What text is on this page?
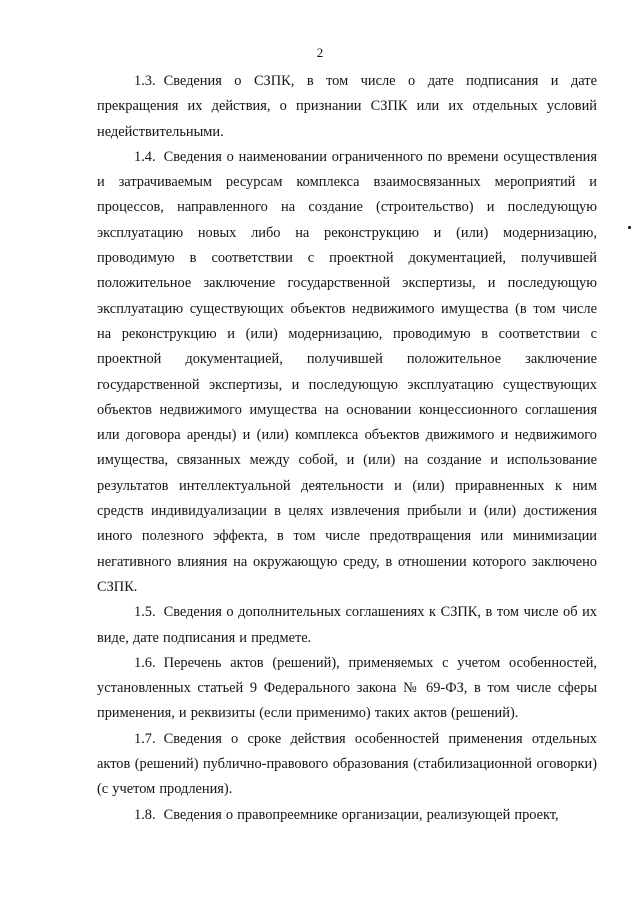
2

1.3. Сведения о СЗПК, в том числе о дате подписания и дате прекращения их действия, о признании СЗПК или их отдельных условий недействительными.

1.4. Сведения о наименовании ограниченного по времени осуществления и затрачиваемым ресурсам комплекса взаимосвязанных мероприятий и процессов, направленного на создание (строительство) и последующую эксплуатацию новых либо на реконструкцию и (или) модернизацию, проводимую в соответствии с проектной документацией, получившей положительное заключение государственной экспертизы, и последующую эксплуатацию существующих объектов недвижимого имущества (в том числе на реконструкцию и (или) модернизацию, проводимую в соответствии с проектной документацией, получившей положительное заключение государственной экспертизы, и последующую эксплуатацию существующих объектов недвижимого имущества на основании концессионного соглашения или договора аренды) и (или) комплекса объектов движимого и недвижимого имущества, связанных между собой, и (или) на создание и использование результатов интеллектуальной деятельности и (или) приравненных к ним средств индивидуализации в целях извлечения прибыли и (или) достижения иного полезного эффекта, в том числе предотвращения или минимизации негативного влияния на окружающую среду, в отношении которого заключено СЗПК.

1.5. Сведения о дополнительных соглашениях к СЗПК, в том числе об их виде, дате подписания и предмете.

1.6. Перечень актов (решений), применяемых с учетом особенностей, установленных статьей 9 Федерального закона № 69-ФЗ, в том числе сферы применения, и реквизиты (если применимо) таких актов (решений).

1.7. Сведения о сроке действия особенностей применения отдельных актов (решений) публично-правового образования (стабилизационной оговорки) (с учетом продления).

1.8. Сведения о правопреемнике организации, реализующей проект,
